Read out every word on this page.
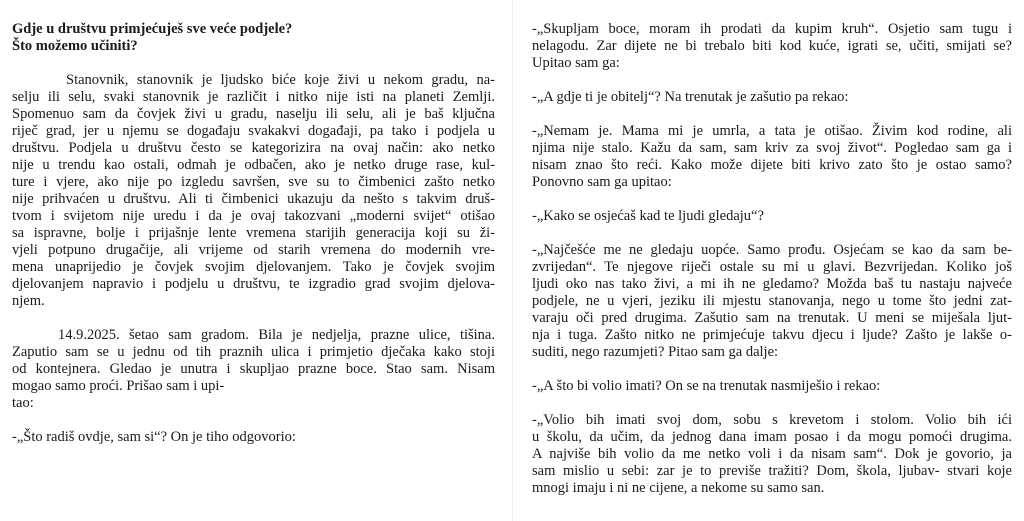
Gdje u društvu primjećuješ sve veće podjele?
Što možemo učiniti?
Stanovnik, stanovnik je ljudsko biće koje živi u nekom gradu, na-
selju ili selu, svaki stanovnik je različit i nitko nije isti na planeti Zemlji.
Spomenuo sam da čovjek živi u gradu, naselju ili selu, ali je baš ključna
riječ grad, jer u njemu se događaju svakakvi događaji, pa tako i podjela u
društvu. Podjela u društvu često se kategorizira na ovaj način: ako netko
nije u trendu kao ostali, odmah je odbačen, ako je netko druge rase, kul-
ture i vjere, ako nije po izgledu savršen, sve su to čimbenici zašto netko
nije prihvaćen u društvu. Ali ti čimbenici ukazuju da nešto s takvim druš-
tvom i svijetom nije uredu i da je ovaj takozvani „moderni svijet“ otišao
sa ispravne, bolje i prijašnje lente vremena starijih generacija koji su ži-
vjeli potpuno drugačije, ali vrijeme od starih vremena do modernih vre-
mena unaprijedio je čovjek svojim djelovanjem. Tako je čovjek svojim
djelovanjem napravio i podjelu u društvu, te izgradio grad svojim djelova-
njem.
14.9.2025. šetao sam gradom. Bila je nedjelja, prazne ulice, tišina.
Zaputio sam se u jednu od tih praznih ulica i primjetio dječaka kako stoji
od kontejnera. Gledao je unutra i skupljao prazne boce. Stao sam. Nisam
mogao samo proći. Prišao sam i upi-
tao:
-„Što radiš ovdje, sam si“? On je tiho odgovorio:
-„Skupljam boce, moram ih prodati da kupim kruh“. Osjetio sam tugu i
nelagodu. Zar dijete ne bi trebalo biti kod kuće, igrati se, učiti, smijati se?
Upitao sam ga:
-„A gdje ti je obitelj“? Na trenutak je zašutio pa rekao:
-„Nemam je. Mama mi je umrla, a tata je otišao. Živim kod rodine, ali
njima nije stalo. Kažu da sam, sam kriv za svoj život“. Pogledao sam ga i
nisam znao što reći. Kako može dijete biti krivo zato što je ostao samo?
Ponovno sam ga upitao:
-„Kako se osjećaš kad te ljudi gledaju“?
-„Najčešće me ne gledaju uopće. Samo prođu. Osjećam se kao da sam be-
zvrijedan“. Te njegove riječi ostale su mi u glavi. Bezvrijedan. Koliko još
ljudi oko nas tako živi, a mi ih ne gledamo? Možda baš tu nastaju najveće
podjele, ne u vjeri, jeziku ili mjestu stanovanja, nego u tome što jedni zat-
varaju oči pred drugima. Zašutio sam na trenutak. U meni se miješala ljut-
nja i tuga. Zašto nitko ne primjećuje takvu djecu i ljude? Zašto je lakše o-
suditi, nego razumjeti? Pitao sam ga dalje:
-„A što bi volio imati? On se na trenutak nasmiješio i rekao:
-„Volio bih imati svoj dom, sobu s krevetom i stolom. Volio bih ići
u školu, da učim, da jednog dana imam posao i da mogu pomoći drugima.
A najviše bih volio da me netko voli i da nisam sam“. Dok je govorio, ja
sam mislio u sebi: zar je to previše tražiti? Dom, škola, ljubav- stvari koje
mnogi imaju i ni ne cijene, a nekome su samo san.
